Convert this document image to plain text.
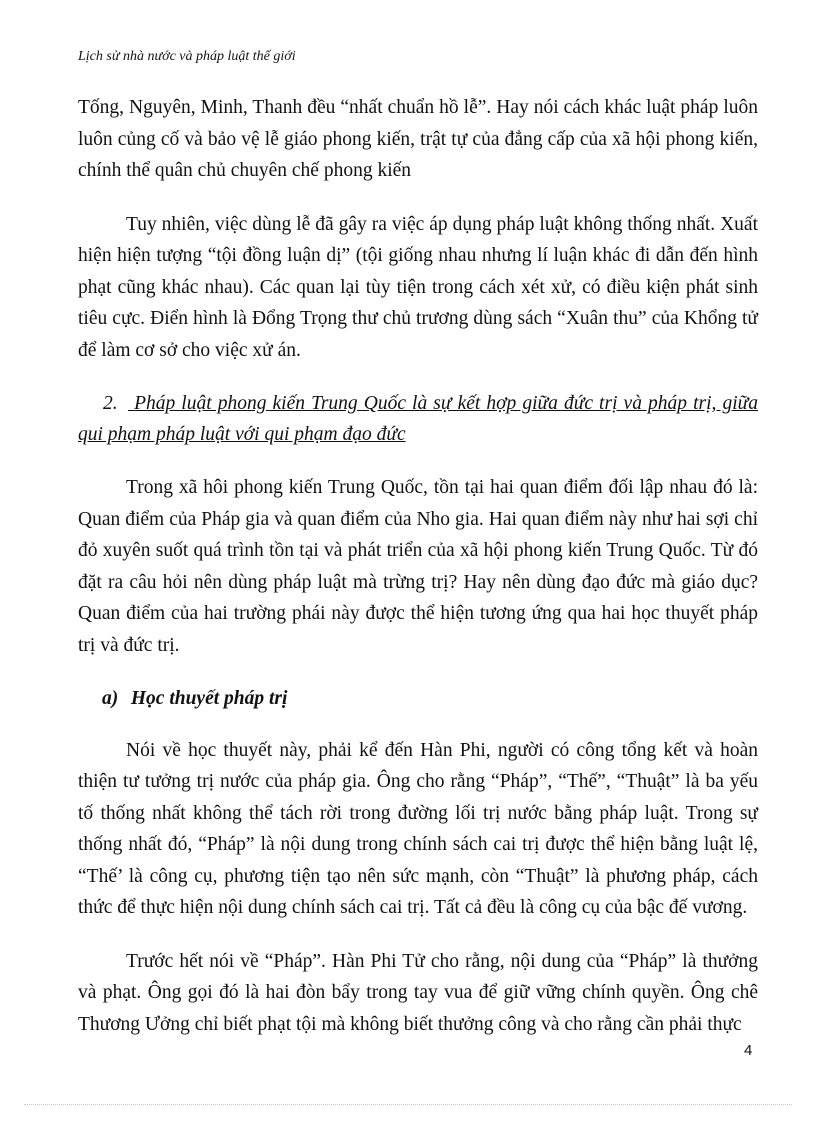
Lịch sử nhà nước và pháp luật thế giới

Tống, Nguyên, Minh, Thanh đều “nhất chuẩn hồ lễ”. Hay nói cách khác luật pháp luôn luôn củng cố và bảo vệ lễ giáo phong kiến, trật tự của đẳng cấp của xã hội phong kiến, chính thể quân chủ chuyên chế phong kiến

Tuy nhiên, việc dùng lễ đã gây ra việc áp dụng pháp luật không thống nhất. Xuất hiện hiện tượng “tội đồng luận dị” (tội giống nhau nhưng lí luận khác đi dẫn đến hình phạt cũng khác nhau). Các quan lại tùy tiện trong cách xét xử, có điều kiện phát sinh tiêu cực. Điển hình là Đổng Trọng thư chủ trương dùng sách “Xuân thu” của Khổng tử để làm cơ sở cho việc xử án.

2. Pháp luật phong kiến Trung Quốc là sự kết hợp giữa đức trị và pháp trị, giữa qui phạm pháp luật với qui phạm đạo đức

Trong xã hôi phong kiến Trung Quốc, tồn tại hai quan điểm đối lập nhau đó là: Quan điểm của Pháp gia và quan điểm của Nho gia. Hai quan điểm này như hai sợi chỉ đỏ xuyên suốt quá trình tồn tại và phát triển của xã hội phong kiến Trung Quốc. Từ đó đặt ra câu hỏi nên dùng pháp luật mà trừng trị? Hay nên dùng đạo đức mà giáo dục? Quan điểm của hai trường phái này được thể hiện tương ứng qua hai học thuyết pháp trị và đức trị.

a) Học thuyết pháp trị

Nói về học thuyết này, phải kể đến Hàn Phi, người có công tổng kết và hoàn thiện tư tưởng trị nước của pháp gia. Ông cho rằng “Pháp”, “Thế”, “Thuật” là ba yếu tố thống nhất không thể tách rời trong đường lối trị nước bằng pháp luật. Trong sự thống nhất đó, “Pháp” là nội dung trong chính sách cai trị được thể hiện bằng luật lệ, “Thế’ là công cụ, phương tiện tạo nên sức mạnh, còn “Thuật” là phương pháp, cách thức để thực hiện nội dung chính sách cai trị. Tất cả đều là công cụ của bậc đế vương.

Trước hết nói về “Pháp”. Hàn Phi Tử cho rằng, nội dung của “Pháp” là thưởng và phạt. Ông gọi đó là hai đòn bẩy trong tay vua để giữ vững chính quyền. Ông chê Thương Ưởng chỉ biết phạt tội mà không biết thưởng công và cho rằng cần phải thực

4
